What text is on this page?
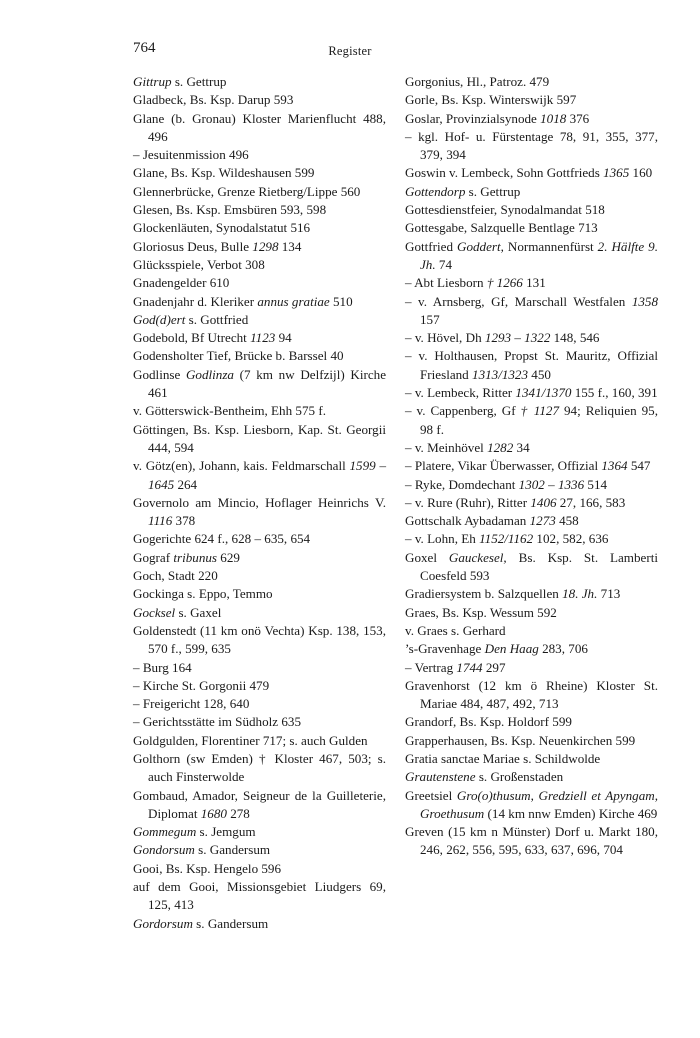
764	Register
Gittrup s. Gettrup
Gladbeck, Bs. Ksp. Darup 593
Glane (b. Gronau) Kloster Marienflucht 488, 496
– Jesuitenmission 496
Glane, Bs. Ksp. Wildeshausen 599
Glennerbrücke, Grenze Rietberg/Lippe 560
Glesen, Bs. Ksp. Emsbüren 593, 598
Glockenläuten, Synodalstatut 516
Gloriosus Deus, Bulle 1298 134
Glücksspiele, Verbot 308
Gnadengelder 610
Gnadenjahr d. Kleriker annus gratiae 510
God(d)ert s. Gottfried
Godebold, Bf Utrecht 1123 94
Godensholter Tief, Brücke b. Barssel 40
Godlinse Godlinza (7 km nw Delfzijl) Kirche 461
v. Götterswick-Bentheim, Ehh 575 f.
Göttingen, Bs. Ksp. Liesborn, Kap. St. Georgii 444, 594
v. Götz(en), Johann, kais. Feldmarschall 1599 – 1645 264
Governolo am Mincio, Hoflager Heinrichs V. 1116 378
Gogerichte 624 f., 628 – 635, 654
Gograf tribunus 629
Goch, Stadt 220
Gockinga s. Eppo, Temmo
Gocksel s. Gaxel
Goldenstedt (11 km onö Vechta) Ksp. 138, 153, 570 f., 599, 635
– Burg 164
– Kirche St. Gorgonii 479
– Freigericht 128, 640
– Gerichtsstätte im Südholz 635
Goldgulden, Florentiner 717; s. auch Gulden
Golthorn (sw Emden) † Kloster 467, 503; s. auch Finsterwolde
Gombaud, Amador, Seigneur de la Guilleterie, Diplomat 1680 278
Gommegum s. Jemgum
Gondorsum s. Gandersum
Gooi, Bs. Ksp. Hengelo 596
auf dem Gooi, Missionsgebiet Liudgers 69, 125, 413
Gordorsum s. Gandersum
Gorgonius, Hl., Patroz. 479
Gorle, Bs. Ksp. Winterswijk 597
Goslar, Provinzialsynode 1018 376
– kgl. Hof- u. Fürstentage 78, 91, 355, 377, 379, 394
Goswin v. Lembeck, Sohn Gottfrieds 1365 160
Gottendorp s. Gettrup
Gottesdienstfeier, Synodalmandat 518
Gottesgabe, Salzquelle Bentlage 713
Gottfried Goddert, Normannenfürst 2. Hälfte 9. Jh. 74
– Abt Liesborn † 1266 131
– v. Arnsberg, Gf, Marschall Westfalen 1358 157
– v. Hövel, Dh 1293 – 1322 148, 546
– v. Holthausen, Propst St. Mauritz, Offizial Friesland 1313/1323 450
– v. Lembeck, Ritter 1341/1370 155 f., 160, 391
– v. Cappenberg, Gf † 1127 94; Reliquien 95, 98 f.
– v. Meinhövel 1282 34
– Platere, Vikar Überwasser, Offizial 1364 547
– Ryke, Domdechant 1302 – 1336 514
– v. Rure (Ruhr), Ritter 1406 27, 166, 583
Gottschalk Aybadaman 1273 458
– v. Lohn, Eh 1152/1162 102, 582, 636
Goxel Gauckesel, Bs. Ksp. St. Lamberti Coesfeld 593
Gradiersystem b. Salzquellen 18. Jh. 713
Graes, Bs. Ksp. Wessum 592
v. Graes s. Gerhard
’s-Gravenhage Den Haag 283, 706
– Vertrag 1744 297
Gravenhorst (12 km ö Rheine) Kloster St. Mariae 484, 487, 492, 713
Grandorf, Bs. Ksp. Holdorf 599
Grapperhausen, Bs. Ksp. Neuenkirchen 599
Gratia sanctae Mariae s. Schildwolde
Grautenstene s. Großenstaden
Greetsiel Gro(o)thusum, Gredziell et Apyngam, Groethusum (14 km nnw Emden) Kirche 469
Greven (15 km n Münster) Dorf u. Markt 180, 246, 262, 556, 595, 633, 637, 696, 704
